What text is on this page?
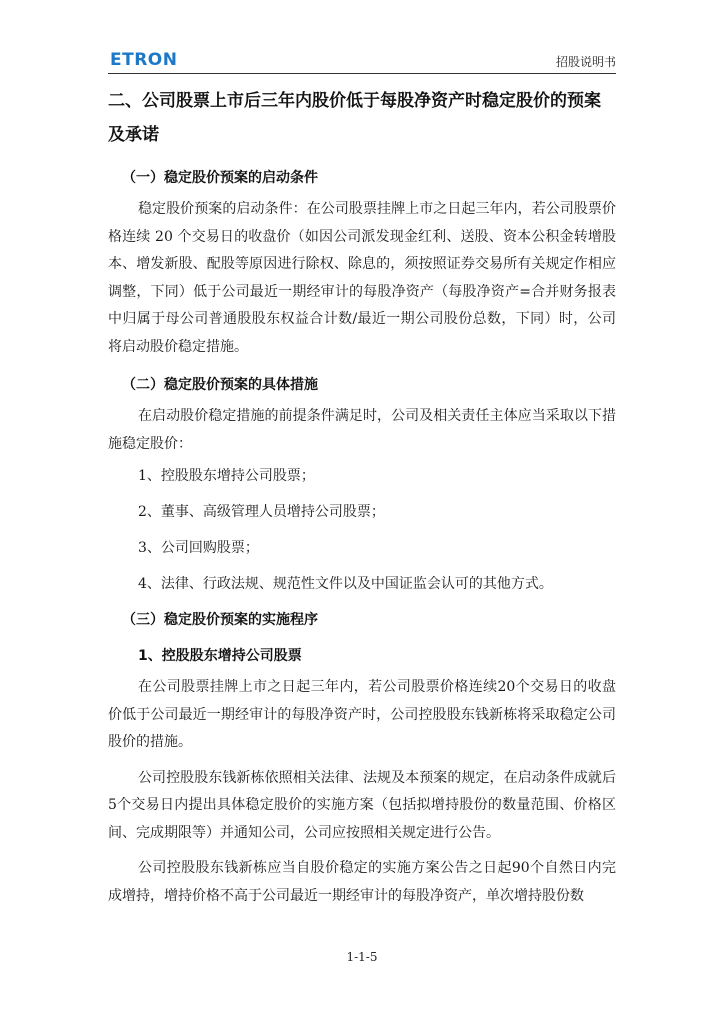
ETRON	招股说明书

二、公司股票上市后三年内股价低于每股净资产时稳定股价的预案及承诺

（一）稳定股价预案的启动条件

稳定股价预案的启动条件：在公司股票挂牌上市之日起三年内，若公司股票价格连续 20 个交易日的收盘价（如因公司派发现金红利、送股、资本公积金转增股本、增发新股、配股等原因进行除权、除息的，须按照证券交易所有关规定作相应调整，下同）低于公司最近一期经审计的每股净资产（每股净资产=合并财务报表中归属于母公司普通股股东权益合计数/最近一期公司股份总数，下同）时，公司将启动股价稳定措施。

（二）稳定股价预案的具体措施

在启动股价稳定措施的前提条件满足时，公司及相关责任主体应当采取以下措施稳定股价：

1、控股股东增持公司股票；

2、董事、高级管理人员增持公司股票；

3、公司回购股票；

4、法律、行政法规、规范性文件以及中国证监会认可的其他方式。

（三）稳定股价预案的实施程序

1、控股股东增持公司股票

在公司股票挂牌上市之日起三年内，若公司股票价格连续20个交易日的收盘价低于公司最近一期经审计的每股净资产时，公司控股股东钱新栋将采取稳定公司股价的措施。

公司控股股东钱新栋依照相关法律、法规及本预案的规定，在启动条件成就后5个交易日内提出具体稳定股价的实施方案（包括拟增持股份的数量范围、价格区间、完成期限等）并通知公司，公司应按照相关规定进行公告。

公司控股股东钱新栋应当自股价稳定的实施方案公告之日起90个自然日内完成增持，增持价格不高于公司最近一期经审计的每股净资产，单次增持股份数

1-1-5
